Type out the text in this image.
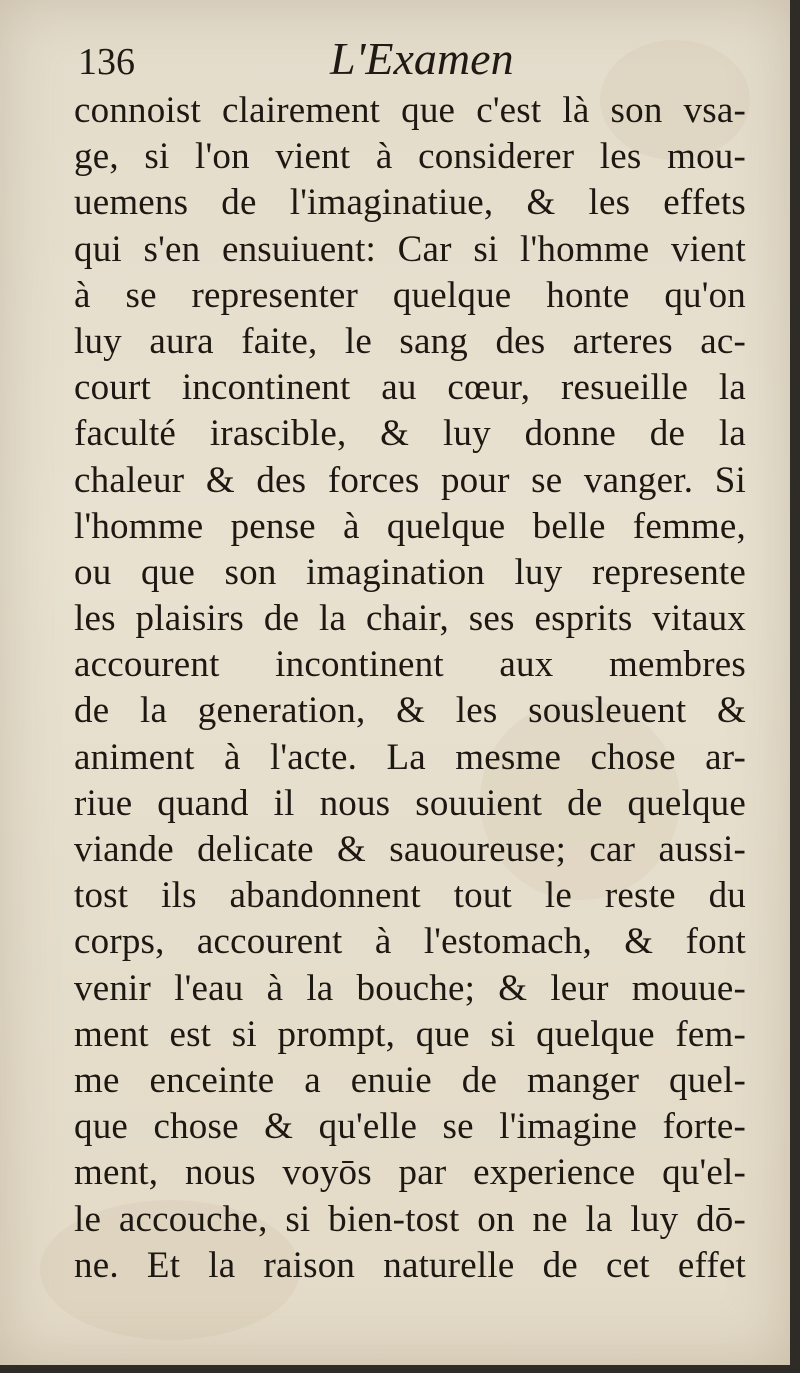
136	L'Examen
connoist clairement que c'est là son vsa-
ge, si l'on vient à considerer les mou-
uemens de l'imaginatiue, & les effets
qui s'en ensuiuent: Car si l'homme vient
à se representer quelque honte qu'on
luy aura faite, le sang des arteres ac-
court incontinent au cœur, resueille la
faculté irascible, & luy donne de la
chaleur & des forces pour se vanger. Si
l'homme pense à quelque belle femme,
ou que son imagination luy represente
les plaisirs de la chair, ses esprits vitaux
accourent incontinent aux membres
de la generation, & les sousleuent &
animent à l'acte. La mesme chose ar-
riue quand il nous souuient de quelque
viande delicate & sauoureuse; car aussi-
tost ils abandonnent tout le reste du
corps, accourent à l'estomach, & font
venir l'eau à la bouche; & leur mouue-
ment est si prompt, que si quelque fem-
me enceinte a enuie de manger quel-
que chose & qu'elle se l'imagine forte-
ment, nous voyōs par experience qu'el-
le accouche, si bien-tost on ne la luy dō-
ne. Et la raison naturelle de cet effet
